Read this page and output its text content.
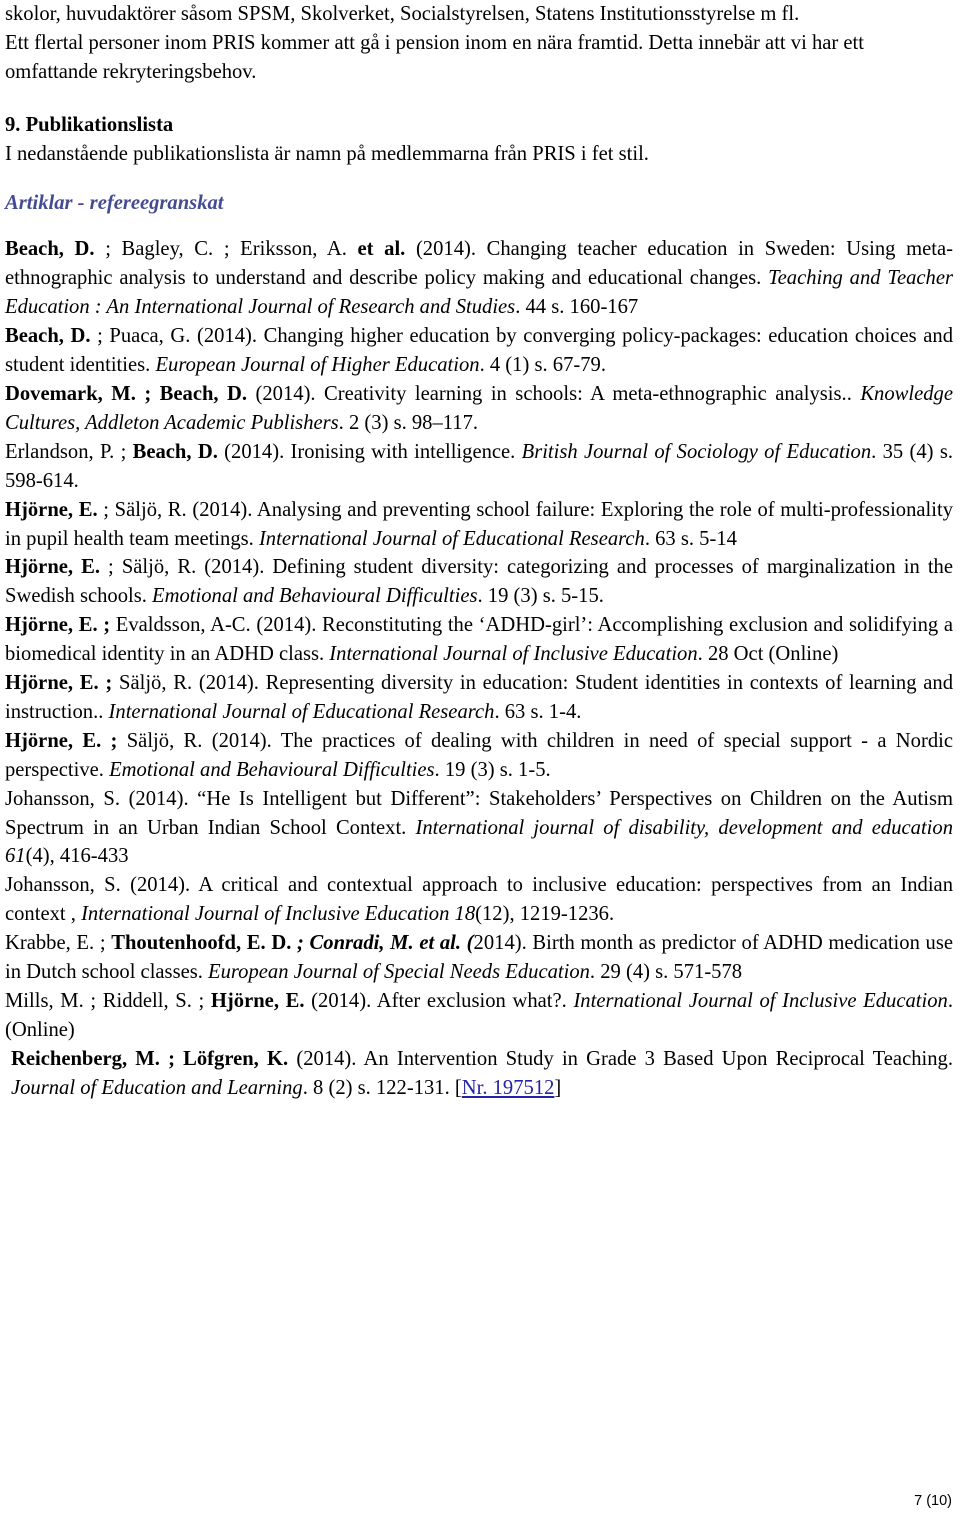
skolor, huvudaktörer såsom SPSM, Skolverket, Socialstyrelsen, Statens Institutionsstyrelse m fl.

Ett flertal personer inom PRIS kommer att gå i pension inom en nära framtid. Detta innebär att vi har ett omfattande rekryteringsbehov.

9. Publikationslista

I nedanstående publikationslista är namn på medlemmarna från PRIS i fet stil.

Artiklar - refereegranskat

Beach, D. ; Bagley, C. ; Eriksson, A. et al. (2014). Changing teacher education in Sweden: Using meta-ethnographic analysis to understand and describe policy making and educational changes. Teaching and Teacher Education : An International Journal of Research and Studies. 44 s. 160-167

Beach, D. ; Puaca, G. (2014). Changing higher education by converging policy-packages: education choices and student identities. European Journal of Higher Education. 4 (1) s. 67-79.

Dovemark, M. ; Beach, D. (2014). Creativity learning in schools: A meta-ethnographic analysis.. Knowledge Cultures, Addleton Academic Publishers. 2 (3) s. 98–117.

Erlandson, P. ; Beach, D. (2014). Ironising with intelligence. British Journal of Sociology of Education. 35 (4) s. 598-614.

Hjörne, E. ; Säljö, R. (2014). Analysing and preventing school failure: Exploring the role of multi-professionality in pupil health team meetings. International Journal of Educational Research. 63 s. 5-14

Hjörne, E. ; Säljö, R. (2014). Defining student diversity: categorizing and processes of marginalization in the Swedish schools. Emotional and Behavioural Difficulties. 19 (3) s. 5-15.

Hjörne, E. ; Evaldsson, A-C. (2014). Reconstituting the ‘ADHD-girl’: Accomplishing exclusion and solidifying a biomedical identity in an ADHD class. International Journal of Inclusive Education. 28 Oct (Online)

Hjörne, E. ; Säljö, R. (2014). Representing diversity in education: Student identities in contexts of learning and instruction.. International Journal of Educational Research. 63 s. 1-4.

Hjörne, E. ; Säljö, R. (2014). The practices of dealing with children in need of special support - a Nordic perspective. Emotional and Behavioural Difficulties. 19 (3) s. 1-5.

Johansson, S. (2014). “He Is Intelligent but Different”: Stakeholders’ Perspectives on Children on the Autism Spectrum in an Urban Indian School Context. International journal of disability, development and education 61(4), 416-433

Johansson, S. (2014). A critical and contextual approach to inclusive education: perspectives from an Indian context , International Journal of Inclusive Education 18(12), 1219-1236.

Krabbe, E. ; Thoutenhoofd, E. D. ; Conradi, M. et al. (2014). Birth month as predictor of ADHD medication use in Dutch school classes. European Journal of Special Needs Education. 29 (4) s. 571-578

Mills, M. ; Riddell, S. ; Hjörne, E. (2014). After exclusion what?. International Journal of Inclusive Education. (Online)

Reichenberg, M. ; Löfgren, K. (2014). An Intervention Study in Grade 3 Based Upon Reciprocal Teaching. Journal of Education and Learning. 8 (2) s. 122-131. [Nr. 197512]

7 (10)
